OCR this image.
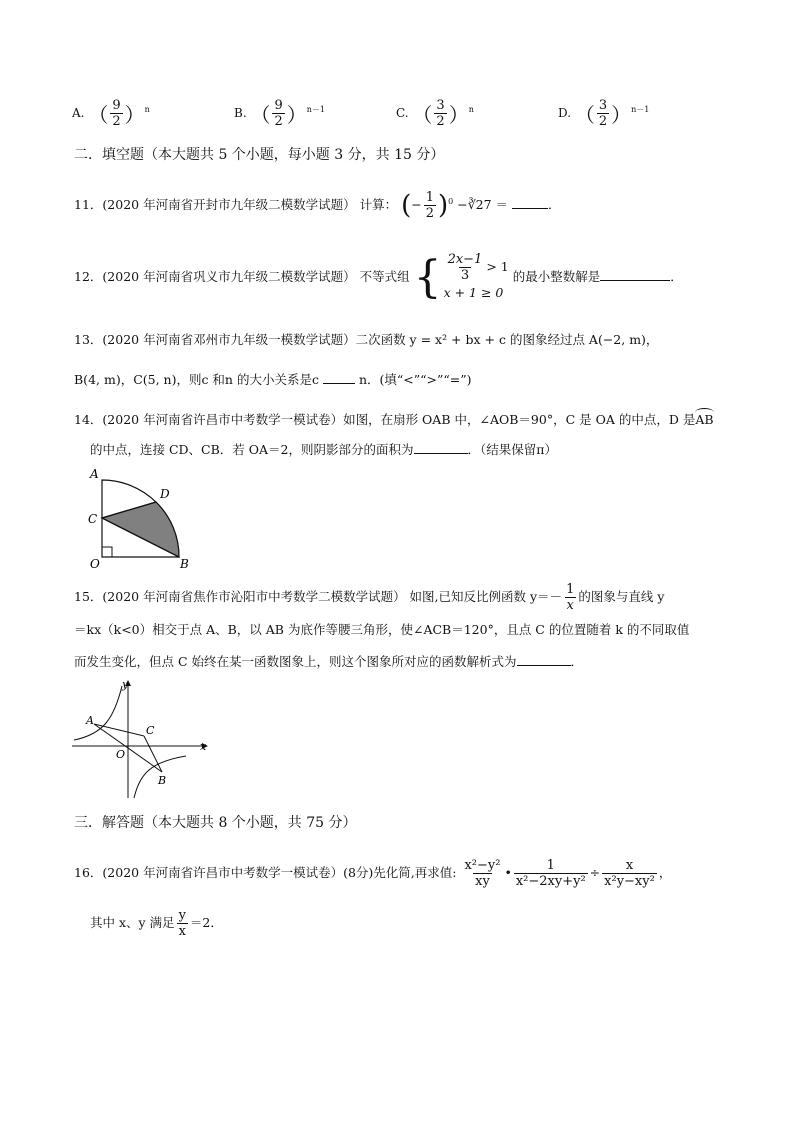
A. （ $\frac{9}{2} )^n$	B. （ $\frac{9}{2} )^{n-1}$	C. （ $\frac{3}{2} )^n$	D. （ $\frac{3}{2} )^{n-1}$
二．填空题（本大题共 5 个小题，每小题 3 分，共 15 分）
11．(2020 年河南省开封市九年级二模数学试题） 计算： (− $\frac{1}{2} )^0$ −∛27 ＝	．
12．(2020 年河南省巩义市九年级二模数学试题） 不等式组 { $\frac{2x-1}{3} > 1$
x + 1 ≥ 0
的最小整数解是	．
13．(2020 年河南省邓州市九年级一模数学试题）二次函数 y = x² + bx + c 的图象经过点 A(−2, m)，
B(4, m)，C(5, n)，则c 和n 的大小关系是c	n．(填“<”“>”“=”)
14．(2020 年河南省许昌市中考数学一模试卷）如图，在扇形 OAB 中，∠AOB＝90°，C 是 OA 的中点，D 是
AB
的中点，连接 CD、CB．若 OA＝2，则阴影部分的面积为	．（结果保留π）
A
D
C
O	B
15．(2020 年河南省焦作市沁阳市中考数学二模数学试题） 如图,已知反比例函数 $y=- \frac{1}{x}$ 的图象与直线 y
＝kx（k<0）相交于点 A、B，以 AB 为底作等腰三角形，使∠ACB＝120°，且点 C 的位置随着 k 的不同取值
而发生变化，但点 C 始终在某一函数图象上，则这个图象所对应的函数解析式为	．
y
A
C
O
x
B
三．解答题（本大题共 8 个小题，共 75 分）
16．(2020 年河南省许昌市中考数学一模试卷）(8分)先化简,再求值: $\frac{\text{x²−y²}}{xy}$ • $\frac{1}{\text{x²−2xy+y²}} \div \frac{x}{\text{x²y−xy²}}$ ，
其中 x、y 满足 $\frac{y}{x} =2$．
